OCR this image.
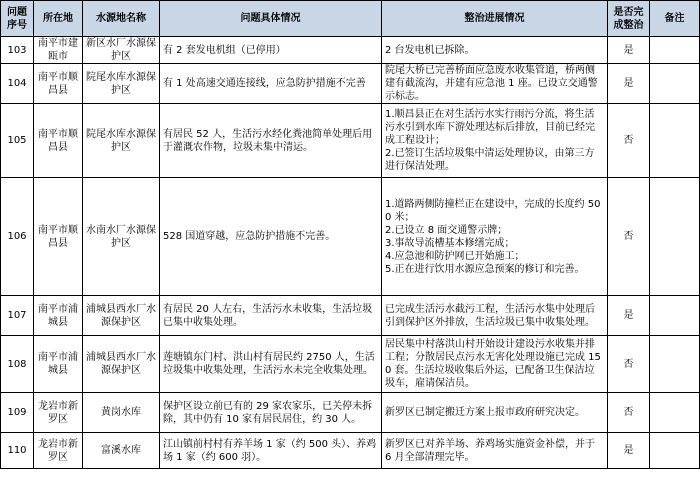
问题序号	所在地	水源地名称	问题具体情况	整治进展情况	是否完成整治	备注

103	南平市建瓯市	新区水厂水源保护区	有 2 套发电机组（已停用）	2 台发电机已拆除。	是	

104	南平市顺昌县	院尾水库水源保护区	有 1 处高速交通连接线，应急防护措施不完善	院尾大桥已完善桥面应急废水收集管道，桥两侧建有截流沟，并建有应急池 1 座。已设立交通警示标志。	是	

105	南平市顺昌县	院尾水库水源保护区	有居民 52 人，生活污水经化粪池简单处理后用于灌溉农作物，垃圾未集中清运。	1.顺昌县正在对生活污水实行雨污分流，将生活污水引到水库下游处理达标后排放，目前已经完成工程设计；
2.已签订生活垃圾集中清运处理协议，由第三方进行保洁处理。	否	

106	南平市顺昌县	水南水厂水源保护区	528 国道穿越，应急防护措施不完善。	1.道路两侧防撞栏正在建设中，完成的长度约 500 米；
2.已设立 8 面交通警示牌；
3.事故导流槽基本修缮完成；
4.应急池和防护网已开始施工；
5.正在进行饮用水源应急预案的修订和完善。	否	

107	南平市浦城县	浦城县西水厂水源保护区	有居民 20 人左右，生活污水未收集，生活垃圾已集中收集处理。	已完成生活污水截污工程，生活污水集中处理后引到保护区外排放，生活垃圾已集中收集处理。	是	

108	南平市浦城县	浦城县西水厂水源保护区	莲塘镇东门村、洪山村有居民约 2750 人，生活垃圾集中收集处理，生活污水未完全收集处理。	居民集中村落洪山村开始设计建设污水收集并排工程；分散居民点污水无害化处理设施已完成 150 套。生活垃圾收集后外运，已配备卫生保洁垃圾车，雇请保洁员。	否	

109	龙岩市新罗区	黄岗水库	保护区设立前已有的 29 家农家乐，已关停未拆除，其中仍有 10 家有居民居住，约 30 人。	新罗区已制定搬迁方案上报市政府研究决定。	否	

110	龙岩市新罗区	富溪水库	江山镇前村村有养羊场 1 家（约 500 头）、养鸡场 1 家（约 600 羽）。	新罗区已对养羊场、养鸡场实施资金补偿，并于 6 月全部清理完毕。	是	
